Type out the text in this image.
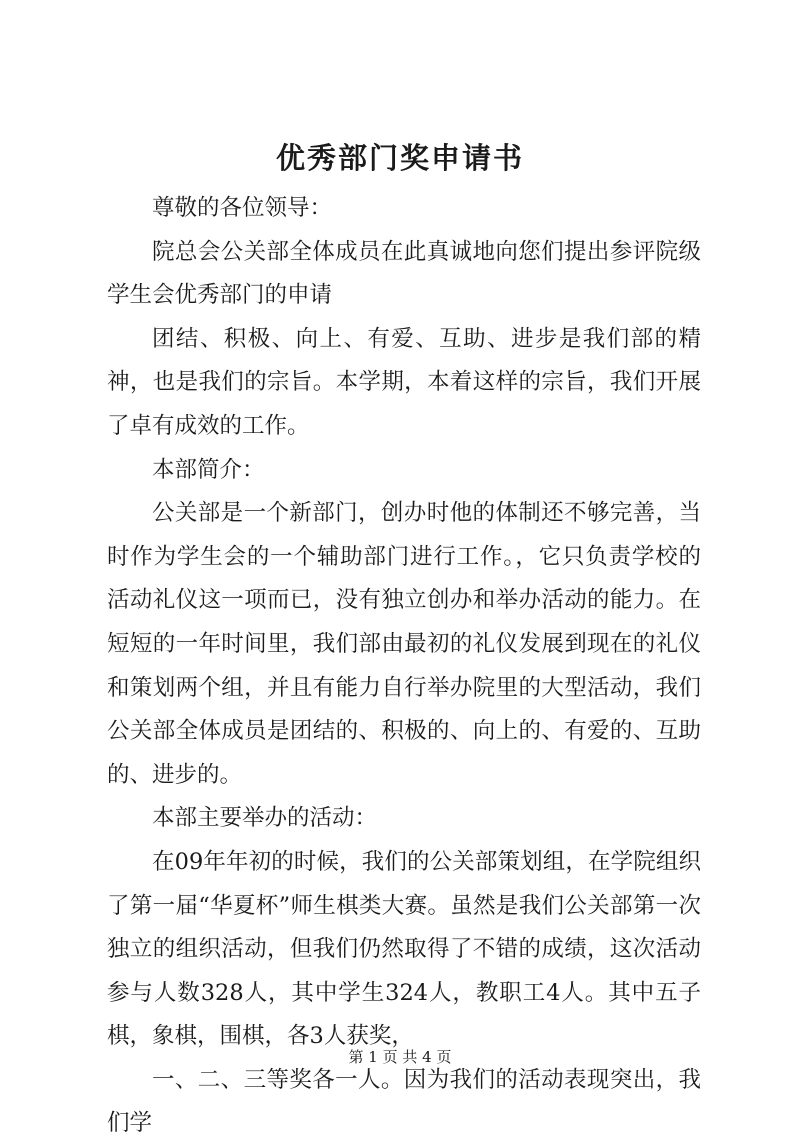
优秀部门奖申请书

尊敬的各位领导：

院总会公关部全体成员在此真诚地向您们提出参评院级学生会优秀部门的申请

团结、积极、向上、有爱、互助、进步是我们部的精神，也是我们的宗旨。本学期，本着这样的宗旨，我们开展了卓有成效的工作。

本部简介：

公关部是一个新部门，创办时他的体制还不够完善，当时作为学生会的一个辅助部门进行工作。，它只负责学校的活动礼仪这一项而已，没有独立创办和举办活动的能力。在短短的一年时间里，我们部由最初的礼仪发展到现在的礼仪和策划两个组，并且有能力自行举办院里的大型活动，我们公关部全体成员是团结的、积极的、向上的、有爱的、互助的、进步的。

本部主要举办的活动：

在09年年初的时候，我们的公关部策划组，在学院组织了第一届“华夏杯”师生棋类大赛。虽然是我们公关部第一次独立的组织活动，但我们仍然取得了不错的成绩，这次活动参与人数328人，其中学生324人，教职工4人。其中五子棋，象棋，围棋，各3人获奖，

一、二、三等奖各一人。因为我们的活动表现突出，我们学

第 1 页 共 4 页
